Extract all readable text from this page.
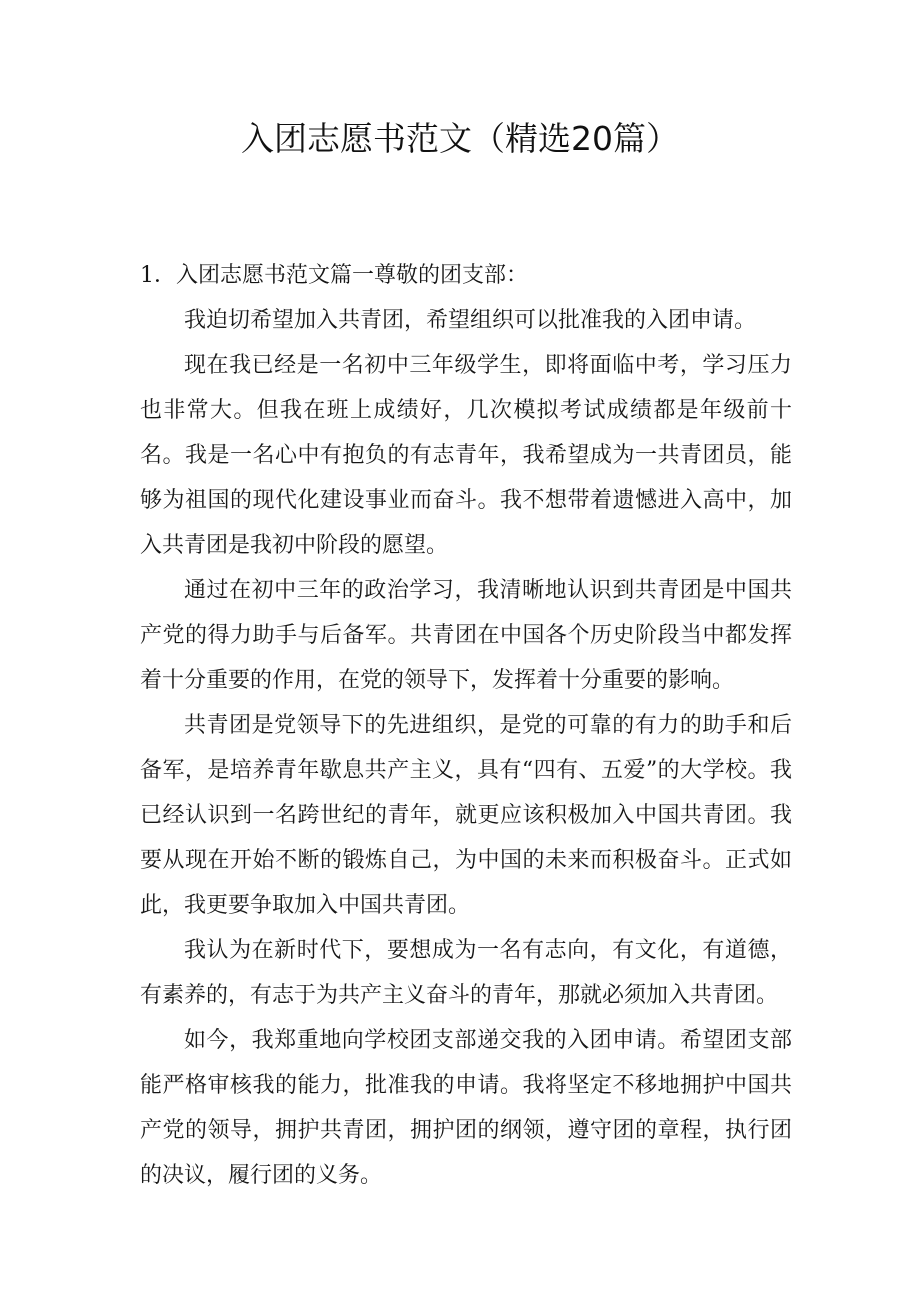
入团志愿书范文（精选20篇）

1．入团志愿书范文篇一尊敬的团支部：

我迫切希望加入共青团，希望组织可以批准我的入团申请。

现在我已经是一名初中三年级学生，即将面临中考，学习压力也非常大。但我在班上成绩好，几次模拟考试成绩都是年级前十名。我是一名心中有抱负的有志青年，我希望成为一共青团员，能够为祖国的现代化建设事业而奋斗。我不想带着遗憾进入高中，加入共青团是我初中阶段的愿望。

通过在初中三年的政治学习，我清晰地认识到共青团是中国共产党的得力助手与后备军。共青团在中国各个历史阶段当中都发挥着十分重要的作用，在党的领导下，发挥着十分重要的影响。

共青团是党领导下的先进组织，是党的可靠的有力的助手和后备军，是培养青年歇息共产主义，具有“四有、五爱”的大学校。我已经认识到一名跨世纪的青年，就更应该积极加入中国共青团。我要从现在开始不断的锻炼自己，为中国的未来而积极奋斗。正式如此，我更要争取加入中国共青团。

我认为在新时代下，要想成为一名有志向，有文化，有道德，有素养的，有志于为共产主义奋斗的青年，那就必须加入共青团。

如今，我郑重地向学校团支部递交我的入团申请。希望团支部能严格审核我的能力，批准我的申请。我将坚定不移地拥护中国共产党的领导，拥护共青团，拥护团的纲领，遵守团的章程，执行团的决议，履行团的义务。
